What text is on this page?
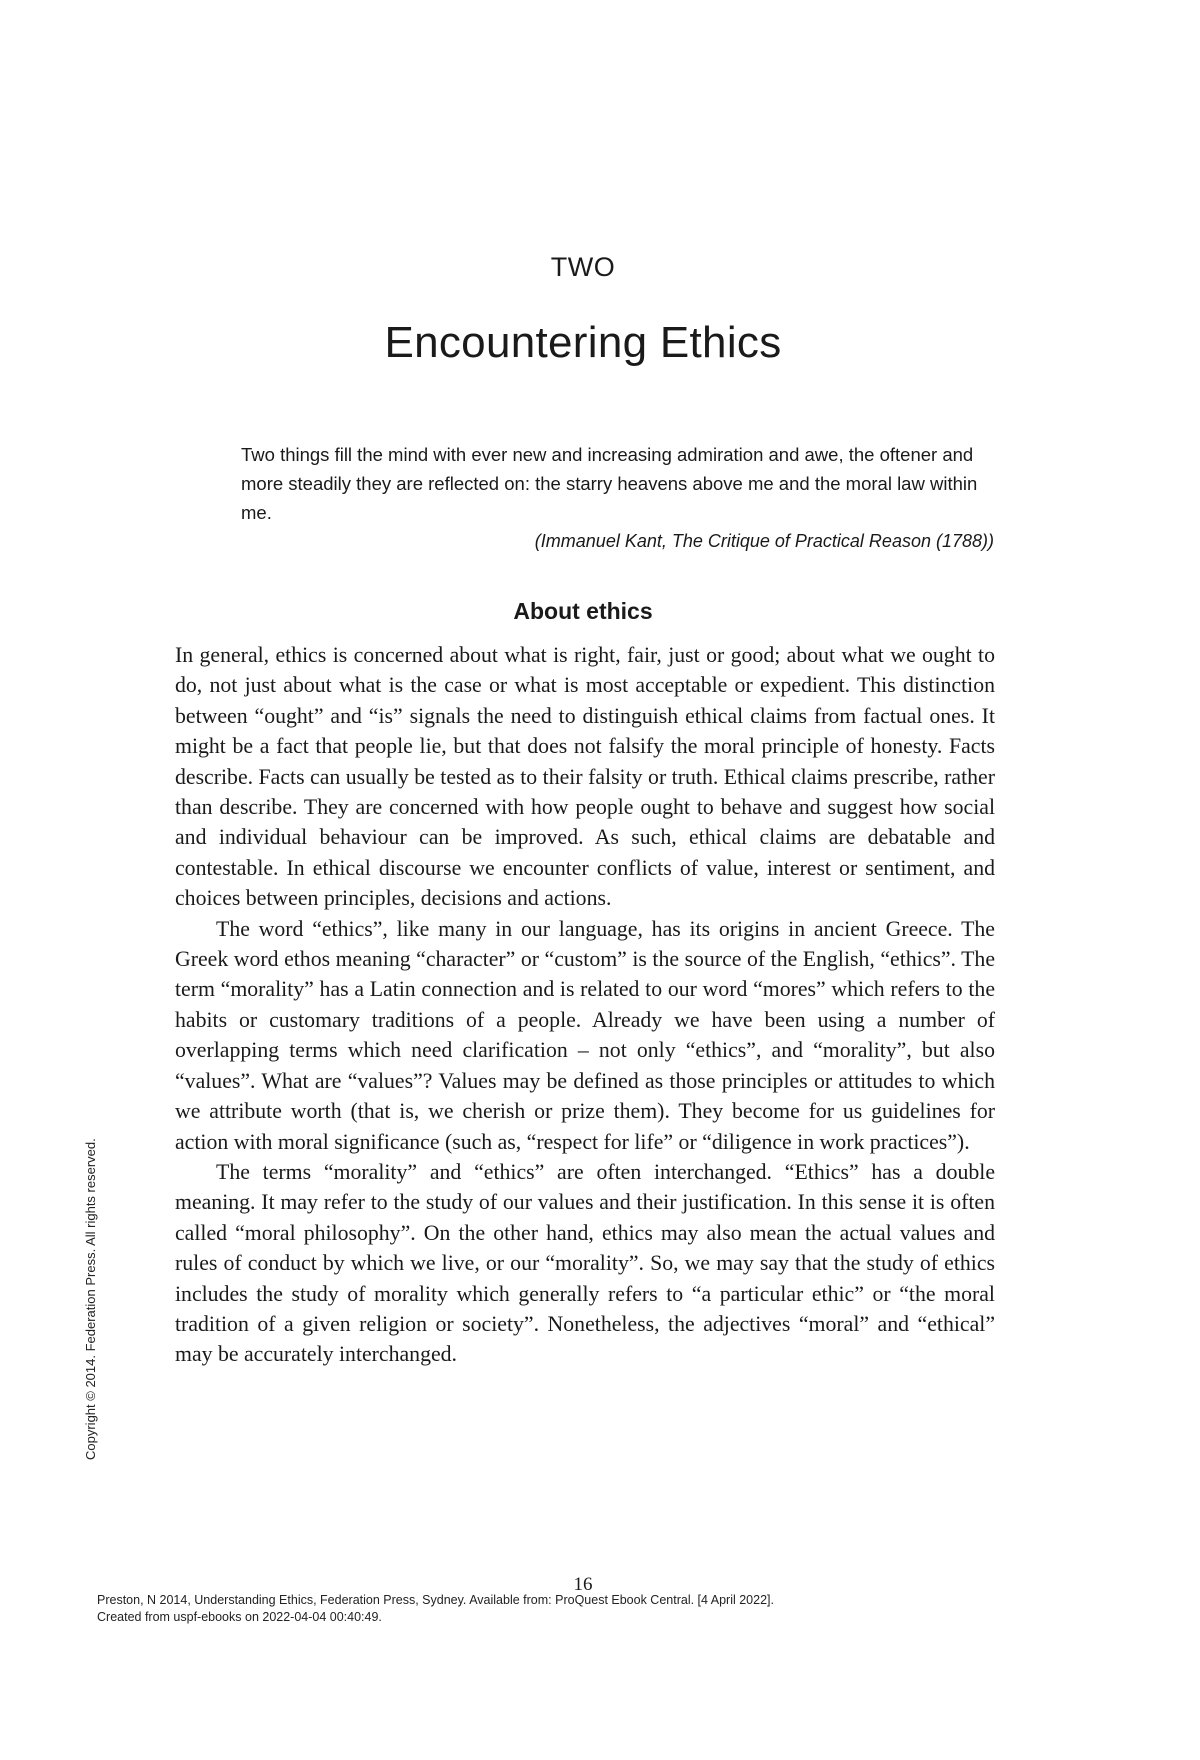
TWO
Encountering Ethics

Two things fill the mind with ever new and increasing admiration and awe, the oftener and more steadily they are reflected on: the starry heavens above me and the moral law within me.

(Immanuel Kant, The Critique of Practical Reason (1788))
About ethics

In general, ethics is concerned about what is right, fair, just or good; about what we ought to do, not just about what is the case or what is most acceptable or expedient. This distinction between “ought” and “is” signals the need to distinguish ethical claims from factual ones. It might be a fact that people lie, but that does not falsify the moral principle of honesty. Facts describe. Facts can usually be tested as to their falsity or truth. Ethical claims prescribe, rather than describe. They are concerned with how people ought to behave and suggest how social and individual behaviour can be improved. As such, ethical claims are debatable and contestable. In ethical discourse we encounter conflicts of value, interest or sentiment, and choices between principles, decisions and actions.

The word “ethics”, like many in our language, has its origins in ancient Greece. The Greek word ethos meaning “character” or “custom” is the source of the English, “ethics”. The term “morality” has a Latin connection and is related to our word “mores” which refers to the habits or customary traditions of a people. Already we have been using a number of overlapping terms which need clarification – not only “ethics”, and “morality”, but also “values”. What are “values”? Values may be defined as those principles or attitudes to which we attribute worth (that is, we cherish or prize them). They become for us guidelines for action with moral significance (such as, “respect for life” or “diligence in work practices”).

The terms “morality” and “ethics” are often interchanged. “Ethics” has a double meaning. It may refer to the study of our values and their justification. In this sense it is often called “moral philosophy”. On the other hand, ethics may also mean the actual values and rules of conduct by which we live, or our “morality”. So, we may say that the study of ethics includes the study of morality which generally refers to “a particular ethic” or “the moral tradition of a given religion or society”. Nonetheless, the adjectives “moral” and “ethical” may be accurately interchanged.

Copyright © 2014. Federation Press. All rights reserved.
16
Preston, N 2014, Understanding Ethics, Federation Press, Sydney. Available from: ProQuest Ebook Central. [4 April 2022].
Created from uspf-ebooks on 2022-04-04 00:40:49.
